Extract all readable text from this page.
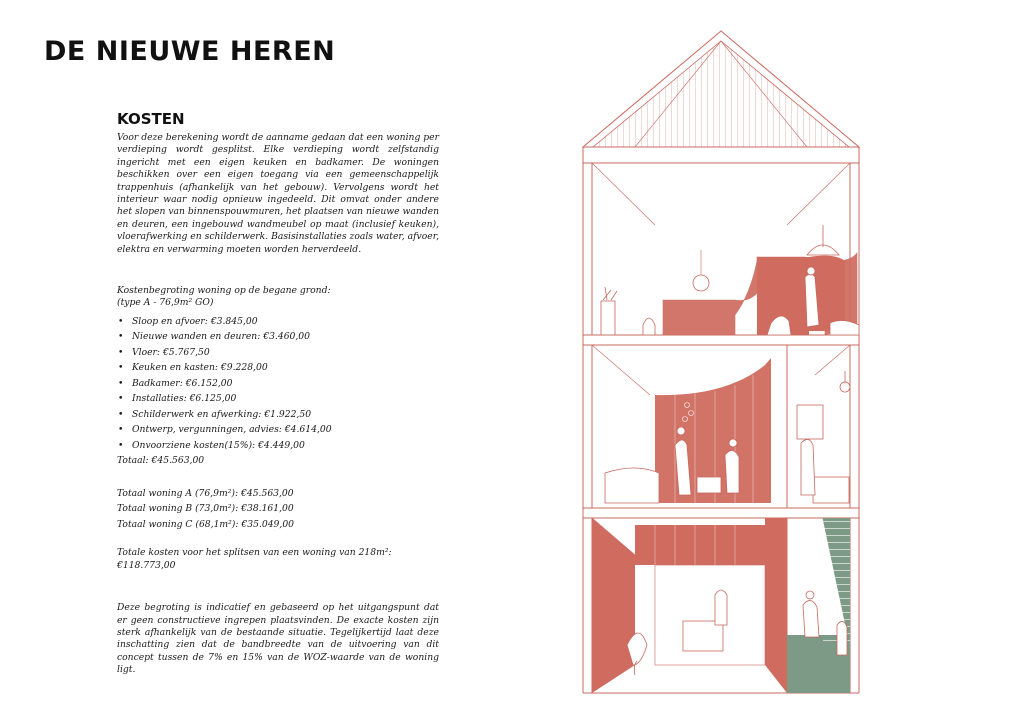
DE NIEUWE HEREN
KOSTEN
Voor deze berekening wordt de aanname gedaan dat een woning per verdieping wordt gesplitst. Elke verdieping wordt zelfstandig ingericht met een eigen keuken en badkamer. De woningen beschikken over een eigen toegang via een gemeenschappelijk trappenhuis (afhankelijk van het gebouw). Vervolgens wordt het interieur waar nodig opnieuw ingedeeld. Dit omvat onder andere het slopen van binnenspouwmuren, het plaatsen van nieuwe wanden en deuren, een ingebouwd wandmeubel op maat (inclusief keuken), vloerafwerking en schilderwerk. Basisinstallaties zoals water, afvoer, elektra en verwarming moeten worden herverdeeld.
Kostenbegroting woning op de begane grond:
(type A - 76,9m² GO)
• Sloop en afvoer: €3.845,00
• Nieuwe wanden en deuren: €3.460,00
• Vloer: €5.767,50
• Keuken en kasten: €9.228,00
• Badkamer: €6.152,00
• Installaties: €6.125,00
• Schilderwerk en afwerking: €1.922,50
• Ontwerp, vergunningen, advies: €4.614,00
• Onvoorziene kosten(15%): €4.449,00
Totaal: €45.563,00
Totaal woning A (76,9m²): €45.563,00
Totaal woning B (73,0m²): €38.161,00
Totaal woning C (68,1m²): €35.049,00
Totale kosten voor het splitsen van een woning van 218m²: €118.773,00
Deze begroting is indicatief en gebaseerd op het uitgangspunt dat er geen constructieve ingrepen plaatsvinden. De exacte kosten zijn sterk afhankelijk van de bestaande situatie. Tegelijkertijd laat deze inschatting zien dat de bandbreedte van de uitvoering van dit concept tussen de 7% en 15% van de WOZ-waarde van de woning ligt.
